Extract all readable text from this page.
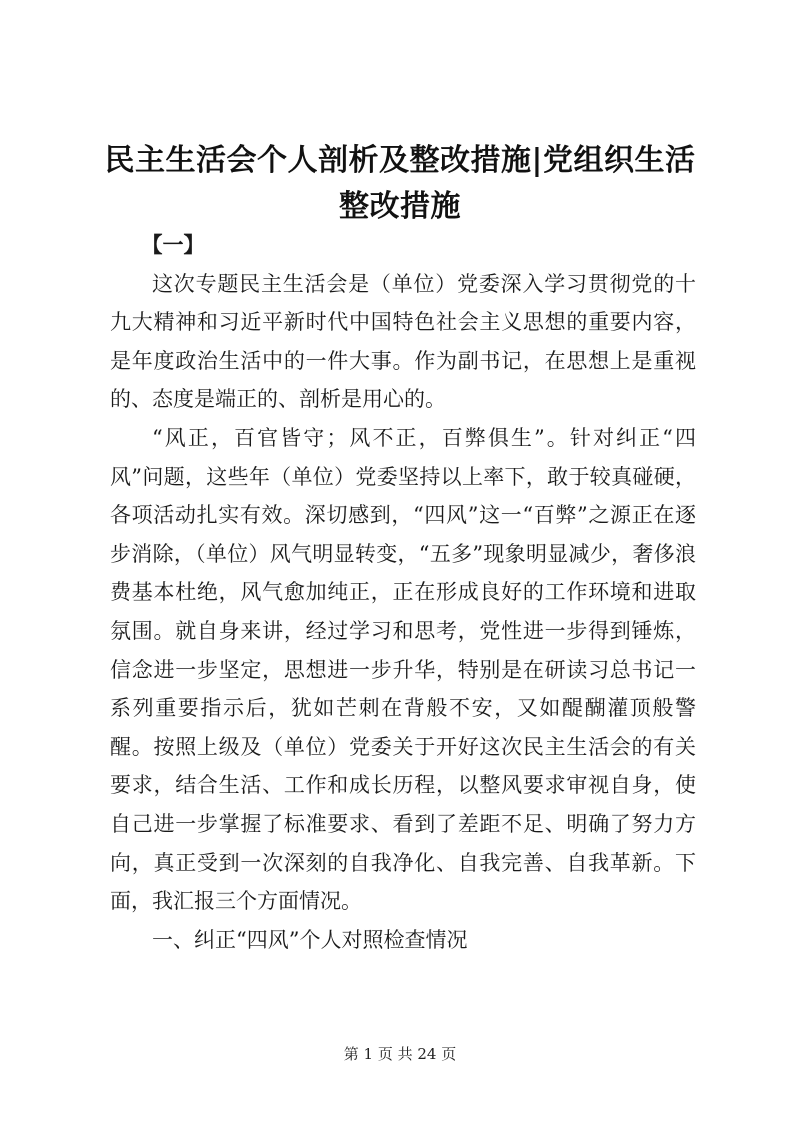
民主生活会个人剖析及整改措施|党组织生活
整改措施

【一】

这次专题民主生活会是（单位）党委深入学习贯彻党的十九大精神和习近平新时代中国特色社会主义思想的重要内容，是年度政治生活中的一件大事。作为副书记，在思想上是重视的、态度是端正的、剖析是用心的。

“风正，百官皆守；风不正，百弊俱生”。针对纠正“四风”问题，这些年（单位）党委坚持以上率下，敢于较真碰硬，各项活动扎实有效。深切感到，“四风”这一“百弊”之源正在逐步消除，（单位）风气明显转变，“五多”现象明显减少，奢侈浪费基本杜绝，风气愈加纯正，正在形成良好的工作环境和进取氛围。就自身来讲，经过学习和思考，党性进一步得到锤炼，信念进一步坚定，思想进一步升华，特别是在研读习总书记一系列重要指示后，犹如芒刺在背般不安，又如醍醐灌顶般警醒。按照上级及（单位）党委关于开好这次民主生活会的有关要求，结合生活、工作和成长历程，以整风要求审视自身，使自己进一步掌握了标准要求、看到了差距不足、明确了努力方向，真正受到一次深刻的自我净化、自我完善、自我革新。下面，我汇报三个方面情况。

一、纠正“四风”个人对照检查情况

第 1 页 共 24 页
